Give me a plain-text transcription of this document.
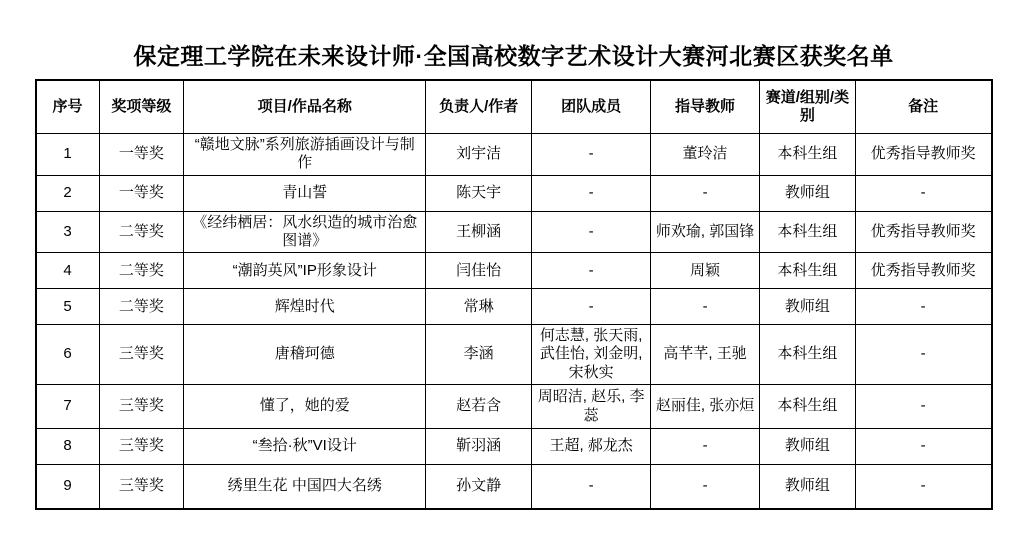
保定理工学院在未来设计师·全国高校数字艺术设计大赛河北赛区获奖名单
序号	奖项等级	项目/作品名称	负责人/作者	团队成员	指导教师	赛道/组别/类别	备注
1	一等奖	“赣地文脉”系列旅游插画设计与制作	刘宇洁	-	董玲洁	本科生组	优秀指导教师奖
2	一等奖	青山誓	陈天宇	-	-	教师组	-
3	二等奖	《经纬栖居：风水织造的城市治愈图谱》	王柳涵	-	师欢瑜, 郭国锋	本科生组	优秀指导教师奖
4	二等奖	“潮韵英风”IP形象设计	闫佳怡	-	周颖	本科生组	优秀指导教师奖
5	二等奖	辉煌时代	常琳	-	-	教师组	-
6	三等奖	唐稽珂德	李涵	何志慧, 张天雨, 武佳怡, 刘金明, 宋秋实	高芊芊, 王驰	本科生组	-
7	三等奖	懂了，她的爱	赵若含	周昭洁, 赵乐, 李蕊	赵丽佳, 张亦烜	本科生组	-
8	三等奖	“叁拾·秋”VI设计	靳羽涵	王超, 郝龙杰	-	教师组	-
9	三等奖	绣里生花 中国四大名绣	孙文静	-	-	教师组	-
